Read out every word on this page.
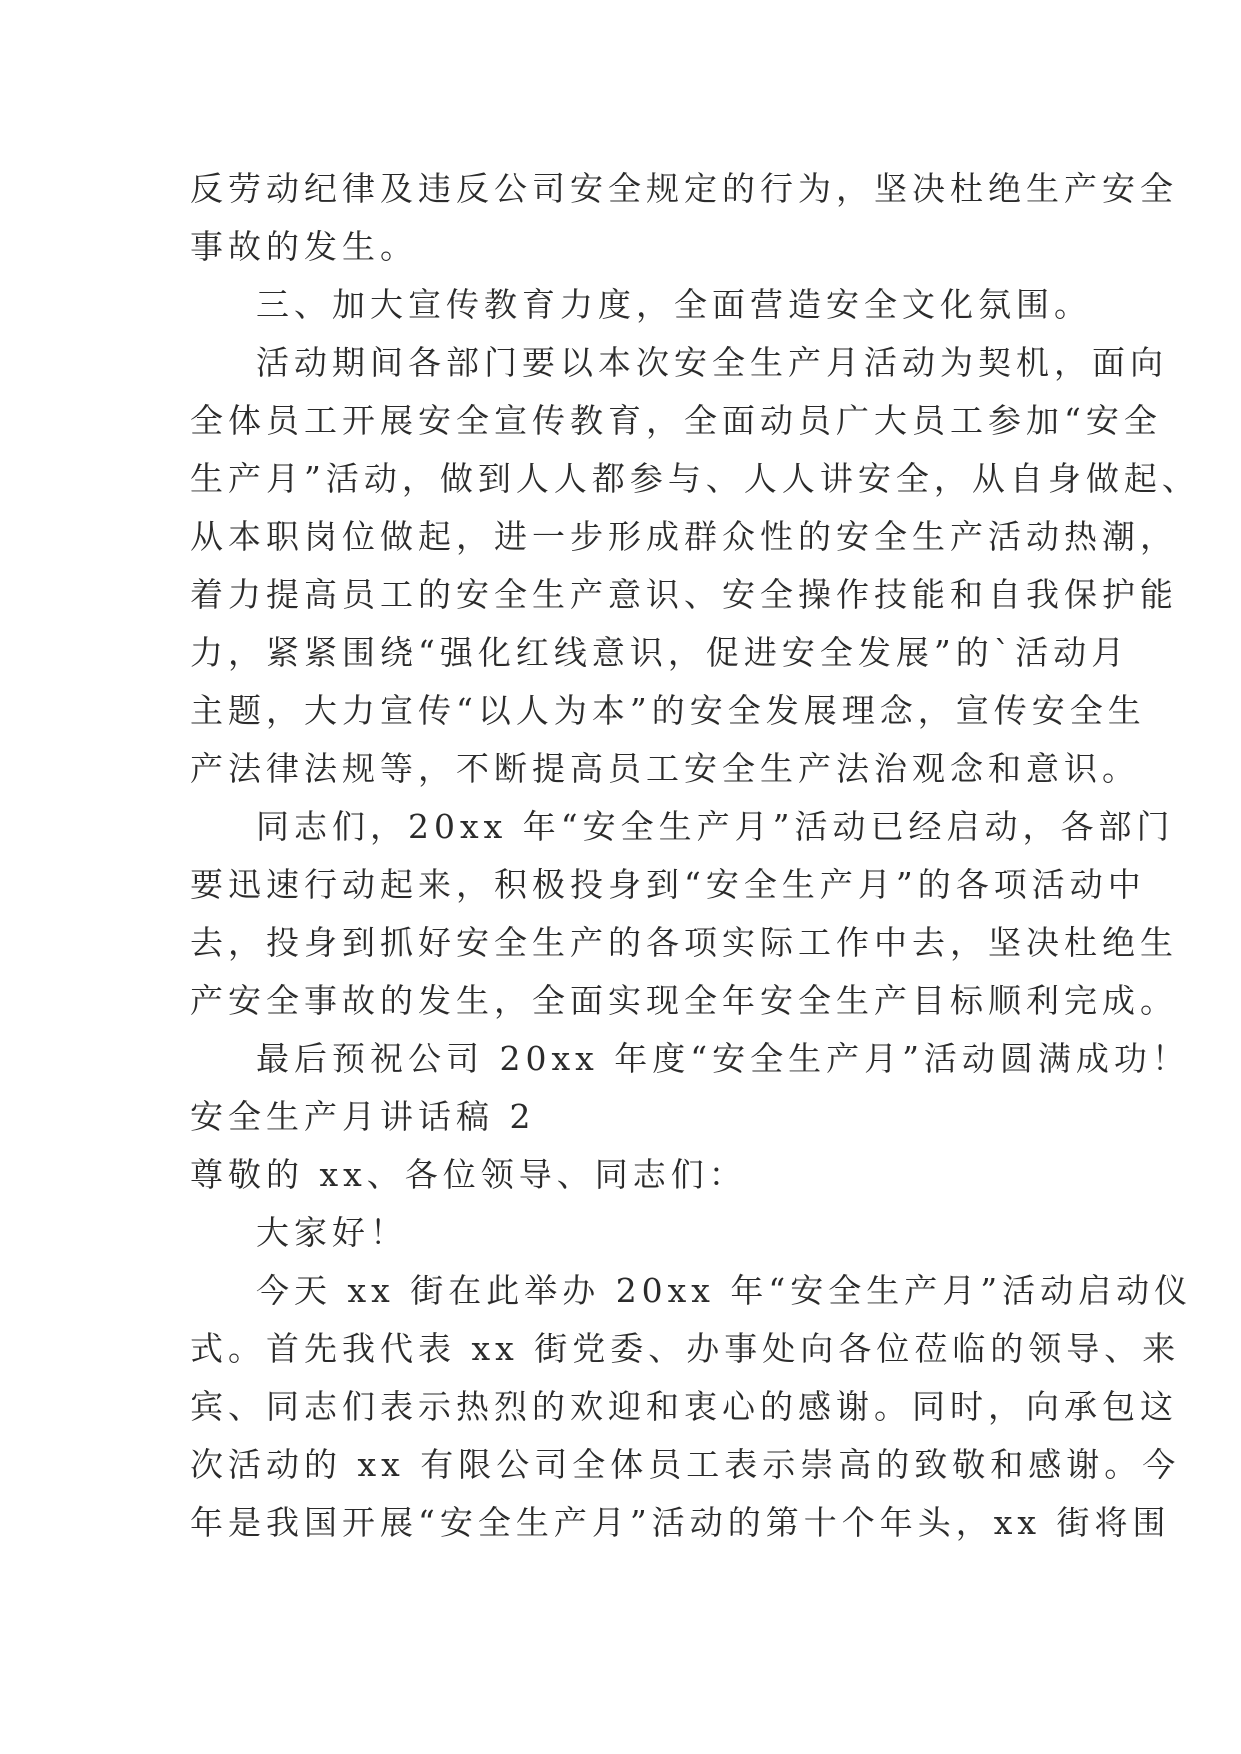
反劳动纪律及违反公司安全规定的行为，坚决杜绝生产安全
事故的发生。
三、加大宣传教育力度，全面营造安全文化氛围。
活动期间各部门要以本次安全生产月活动为契机，面向
全体员工开展安全宣传教育，全面动员广大员工参加“安全
生产月”活动，做到人人都参与、人人讲安全，从自身做起、
从本职岗位做起，进一步形成群众性的安全生产活动热潮，
着力提高员工的安全生产意识、安全操作技能和自我保护能
力，紧紧围绕“强化红线意识，促进安全发展”的`活动月
主题，大力宣传“以人为本”的安全发展理念，宣传安全生
产法律法规等，不断提高员工安全生产法治观念和意识。
同志们，20xx 年“安全生产月”活动已经启动，各部门
要迅速行动起来，积极投身到“安全生产月”的各项活动中
去，投身到抓好安全生产的各项实际工作中去，坚决杜绝生
产安全事故的发生，全面实现全年安全生产目标顺利完成。
最后预祝公司 20xx 年度“安全生产月”活动圆满成功！
安全生产月讲话稿 2
尊敬的 xx、各位领导、同志们：
大家好！
今天 xx 街在此举办 20xx 年“安全生产月”活动启动仪
式。首先我代表 xx 街党委、办事处向各位莅临的领导、来
宾、同志们表示热烈的欢迎和衷心的感谢。同时，向承包这
次活动的 xx 有限公司全体员工表示崇高的致敬和感谢。今
年是我国开展“安全生产月”活动的第十个年头，xx 街将围
